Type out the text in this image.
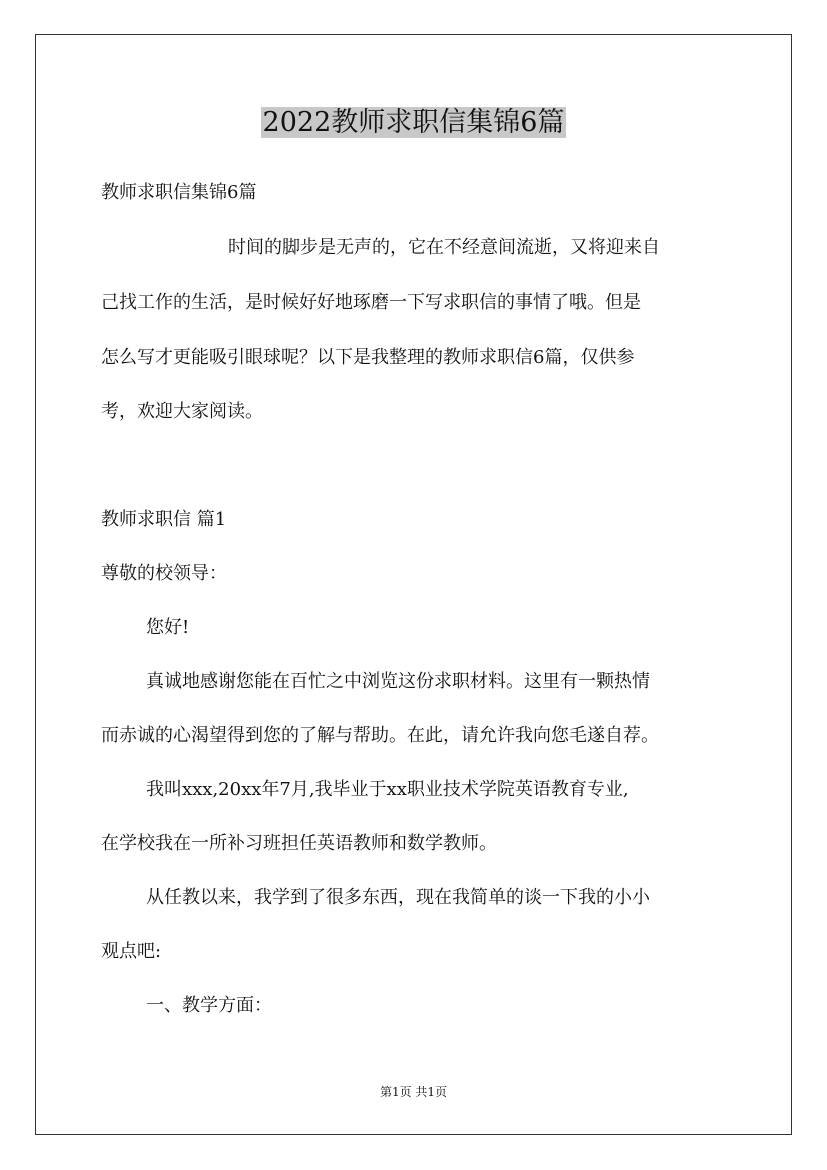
2022教师求职信集锦6篇
教师求职信集锦6篇
时间的脚步是无声的，它在不经意间流逝，又将迎来自
己找工作的生活，是时候好好地琢磨一下写求职信的事情了哦。但是
怎么写才更能吸引眼球呢？以下是我整理的教师求职信6篇，仅供参
考，欢迎大家阅读。
教师求职信 篇1
尊敬的校领导：
您好!
真诚地感谢您能在百忙之中浏览这份求职材料。这里有一颗热情
而赤诚的心渴望得到您的了解与帮助。在此，请允许我向您毛遂自荐。
我叫xxx,20xx年7月,我毕业于xx职业技术学院英语教育专业,
在学校我在一所补习班担任英语教师和数学教师。
从任教以来，我学到了很多东西，现在我简单的谈一下我的小小
观点吧:
一、教学方面：
第1页 共1页
